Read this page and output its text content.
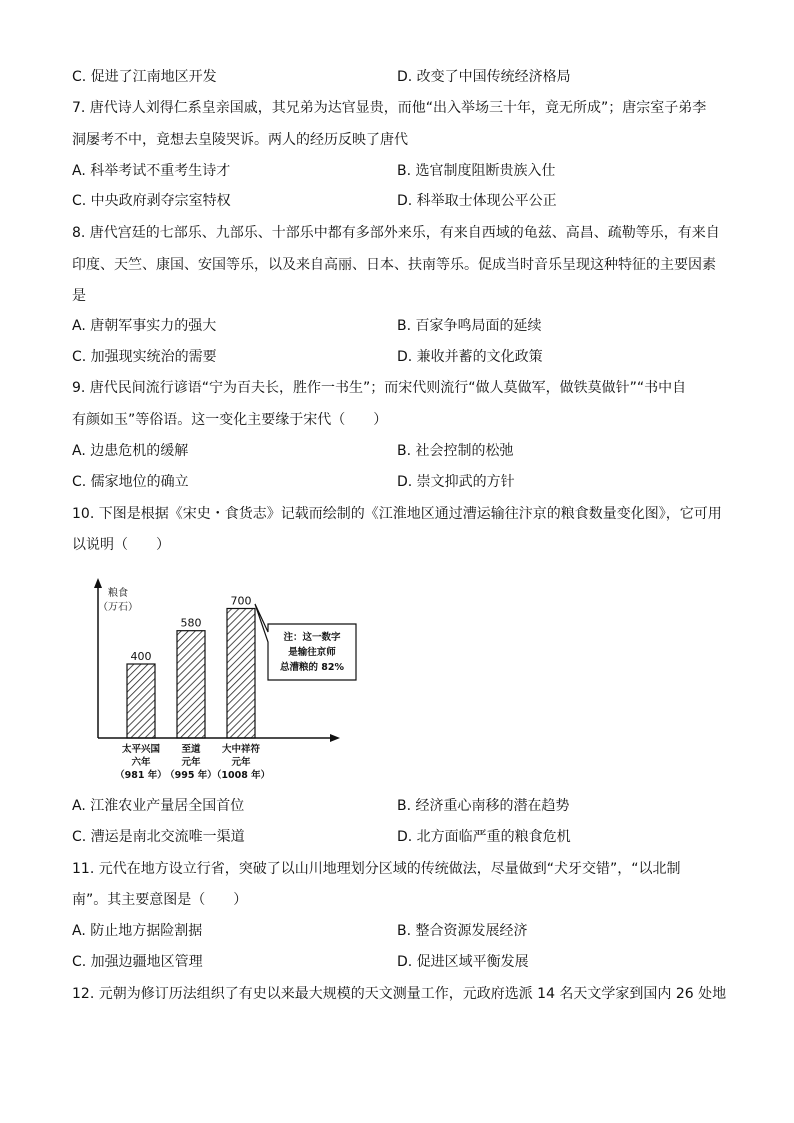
C. 促进了江南地区开发	D. 改变了中国传统经济格局
7. 唐代诗人刘得仁系皇亲国戚，其兄弟为达官显贵，而他“出入举场三十年，竟无所成”；唐宗室子弟李
洞屡考不中，竟想去皇陵哭诉。两人的经历反映了唐代
A. 科举考试不重考生诗才	B. 选官制度阻断贵族入仕
C. 中央政府剥夺宗室特权	D. 科举取士体现公平公正
8. 唐代宫廷的七部乐、九部乐、十部乐中都有多部外来乐，有来自西域的龟兹、高昌、疏勒等乐，有来自
印度、天竺、康国、安国等乐，以及来自高丽、日本、扶南等乐。促成当时音乐呈现这种特征的主要因素
是
A. 唐朝军事实力的强大	B. 百家争鸣局面的延续
C. 加强现实统治的需要	D. 兼收并蓄的文化政策
9. 唐代民间流行谚语“宁为百夫长，胜作一书生”；而宋代则流行“做人莫做军，做铁莫做针”“书中自
有颜如玉”等俗语。这一变化主要缘于宋代（　　）
A. 边患危机的缓解	B. 社会控制的松弛
C. 儒家地位的确立	D. 崇文抑武的方针
10. 下图是根据《宋史・食货志》记载而绘制的《江淮地区通过漕运输往汴京的粮食数量变化图》，它可用
以说明（　　）
粮食
（万石）
400
太平兴国
六年
（981 年）
580
至道
元年
（995 年）
700
大中祥符
元年
（1008 年）
注：这一数字
是输往京师
总漕粮的 82%
A. 江淮农业产量居全国首位	B. 经济重心南移的潜在趋势
C. 漕运是南北交流唯一渠道	D. 北方面临严重的粮食危机
11. 元代在地方设立行省，突破了以山川地理划分区域的传统做法，尽量做到“犬牙交错”，“以北制
南”。其主要意图是（　　）
A. 防止地方据险割据	B. 整合资源发展经济
C. 加强边疆地区管理	D. 促进区域平衡发展
12. 元朝为修订历法组织了有史以来最大规模的天文测量工作，元政府选派 14 名天文学家到国内 26 处地
